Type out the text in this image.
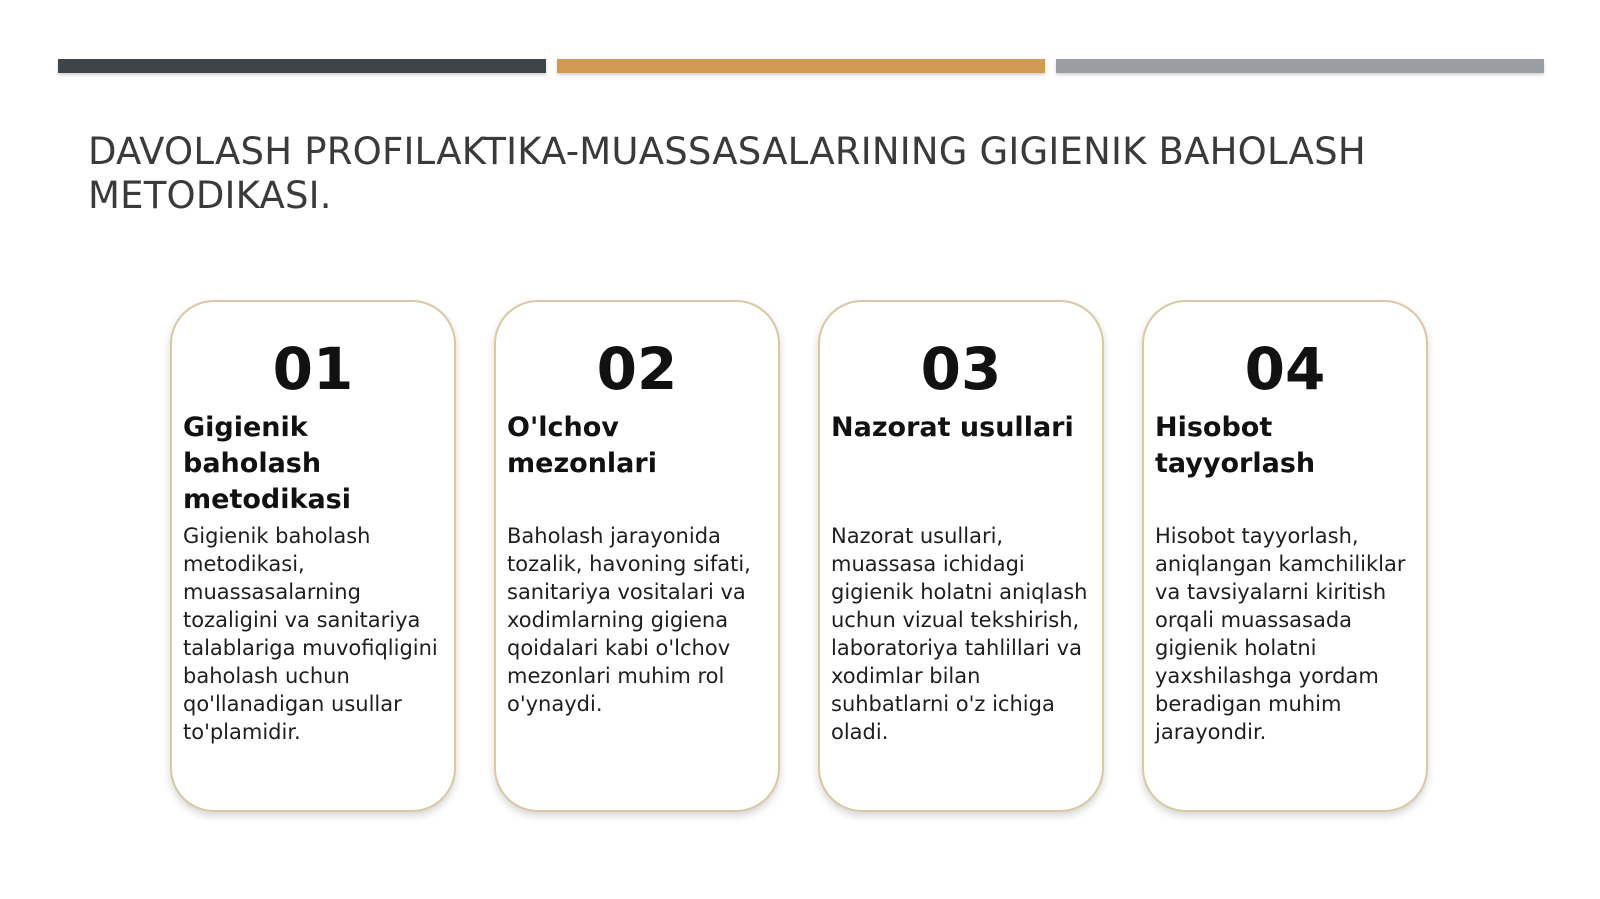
DAVOLASH PROFILAKTIKA-MUASSASALARINING GIGIENIK BAHOLASH METODIKASI.
01
Gigienik baholash metodikasi
Gigienik baholash metodikasi, muassasalarning tozaligini va sanitariya talablariga muvofiqligini baholash uchun qo'llanadigan usullar to'plamidir.
02
O'lchov mezonlari
Baholash jarayonida tozalik, havoning sifati, sanitariya vositalari va xodimlarning gigiena qoidalari kabi o'lchov mezonlari muhim rol o'ynaydi.
03
Nazorat usullari
Nazorat usullari, muassasa ichidagi gigienik holatni aniqlash uchun vizual tekshirish, laboratoriya tahlillari va xodimlar bilan suhbatlarni o'z ichiga oladi.
04
Hisobot tayyorlash
Hisobot tayyorlash, aniqlangan kamchiliklar va tavsiyalarni kiritish orqali muassasada gigienik holatni yaxshilashga yordam beradigan muhim jarayondir.
